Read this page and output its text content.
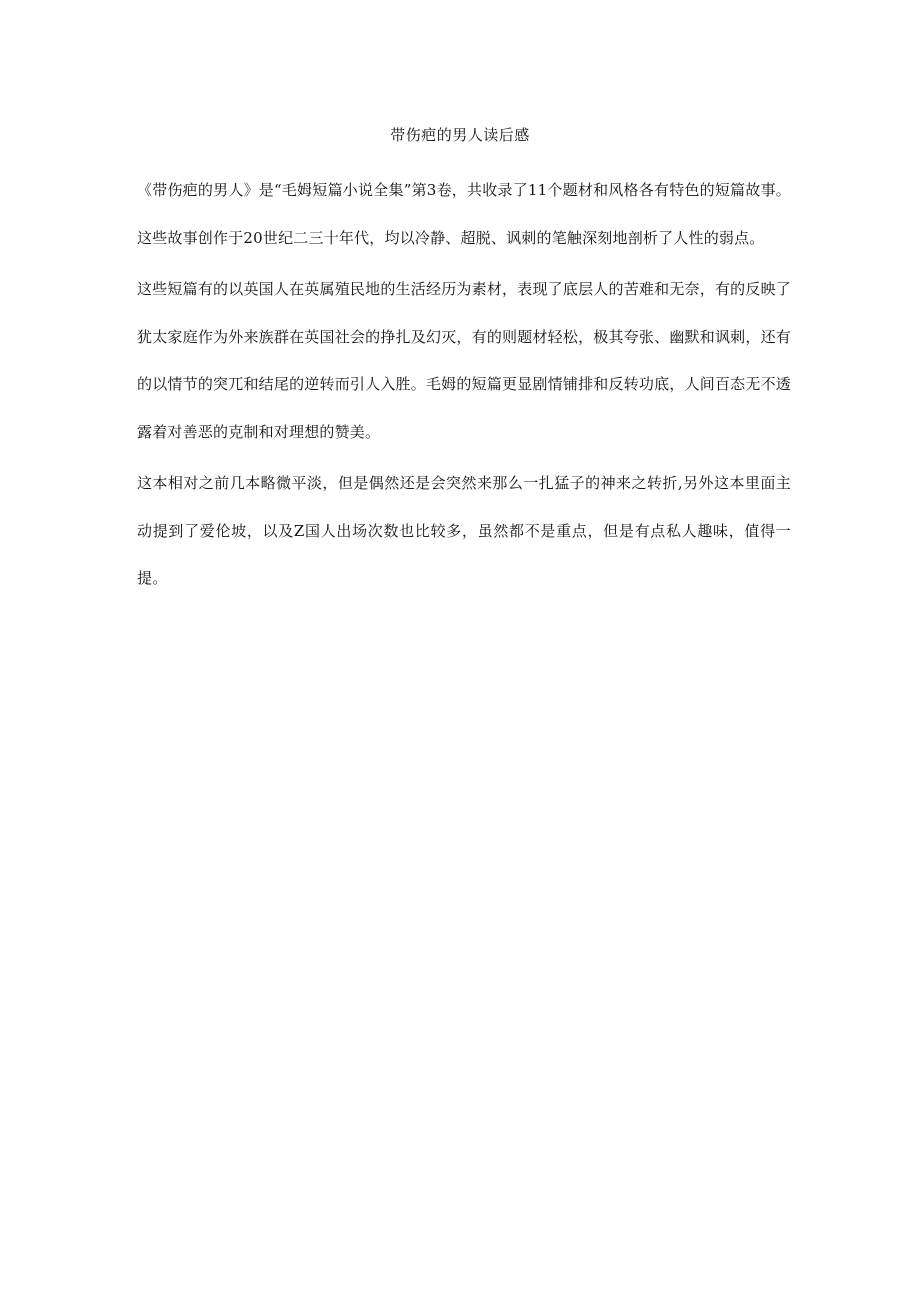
带伤疤的男人读后感

《带伤疤的男人》是“毛姆短篇小说全集”第3卷，共收录了11个题材和风格各有特色的短篇故事。这些故事创作于20世纪二三十年代，均以冷静、超脱、讽刺的笔触深刻地剖析了人性的弱点。

这些短篇有的以英国人在英属殖民地的生活经历为素材，表现了底层人的苦难和无奈，有的反映了犹太家庭作为外来族群在英国社会的挣扎及幻灭，有的则题材轻松，极其夸张、幽默和讽刺，还有的以情节的突兀和结尾的逆转而引人入胜。毛姆的短篇更显剧情铺排和反转功底，人间百态无不透露着对善恶的克制和对理想的赞美。

这本相对之前几本略微平淡，但是偶然还是会突然来那么一扎猛子的神来之转折,另外这本里面主动提到了爱伦坡，以及Z国人出场次数也比较多，虽然都不是重点，但是有点私人趣味，值得一提。
